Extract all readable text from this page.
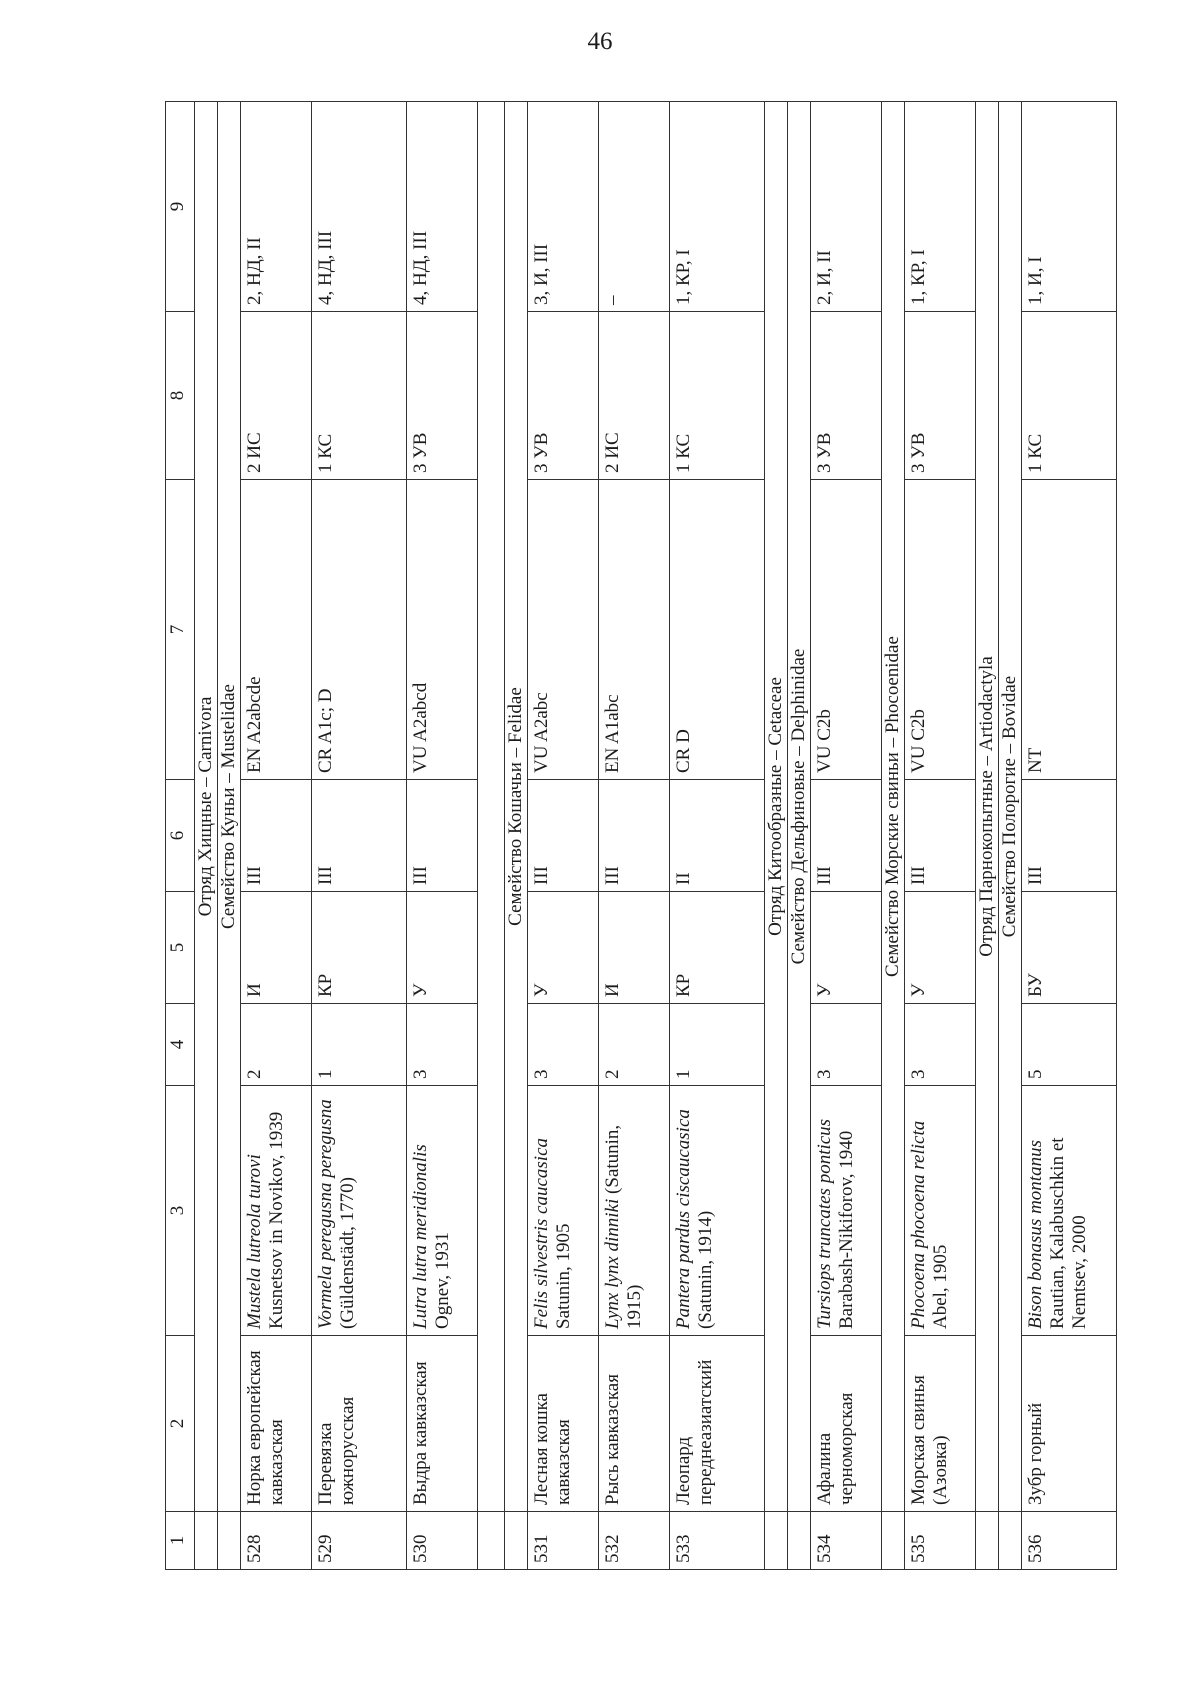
46
1	2	3	4	5	6	7	8	9
	Отряд Хищные – Carnivora							
	Семейство Куньи – Mustelidae							
528	Норка европейская кавказская	Mustela lutreola turovi Kusnetsov in Novikov, 1939	2	И	III	EN A2abcde	2 ИС	2, НД, II
529	Перевязка южнорусская	Vormela peregusna peregusna (Güldenstädt, 1770)	1	КР	III	CR A1c; D	1 КС	4, НД, III
530	Выдра кавказская	Lutra lutra meridionalis Ognev, 1931	3	У	III	VU A2abcd	3 УВ	4, НД, III

	Семейство Кошачьи – Felidae							
531	Лесная кошка кавказская	Felis silvestris caucasica Satunin, 1905	3	У	III	VU A2abc	3 УВ	3, И, III
532	Рысь кавказская	Lynx lynx dinniki (Satunin, 1915)	2	И	III	EN A1abc	2 ИС	–
533	Леопард переднеазиатский	Pantera pardus ciscaucasica (Satunin, 1914)	1	КР	II	CR D	1 КС	1, КР, I
	Отряд Китообразные – Cetaceae							
	Семейство Дельфиновые – Delphinidae							
534	Афалина черноморская	Tursiops truncates ponticus Barabash-Nikiforov, 1940	3	У	III	VU C2b	3 УВ	2, И, II
	Семейство Морские свиньи – Phocoenidae							
535	Морская свинья (Азовка)	Phocoena phocoena relicta Abel, 1905	3	У	III	VU C2b	3 УВ	1, КР, I
	Отряд Парнокопытные – Artiodactyla							
	Семейство Полорогие – Bovidae							
536	Зубр горный	Bison bonasus montanus Rautian, Kalabuschkin et Nemtsev, 2000	5	БУ	III	NT	1 КС	1, И, I
